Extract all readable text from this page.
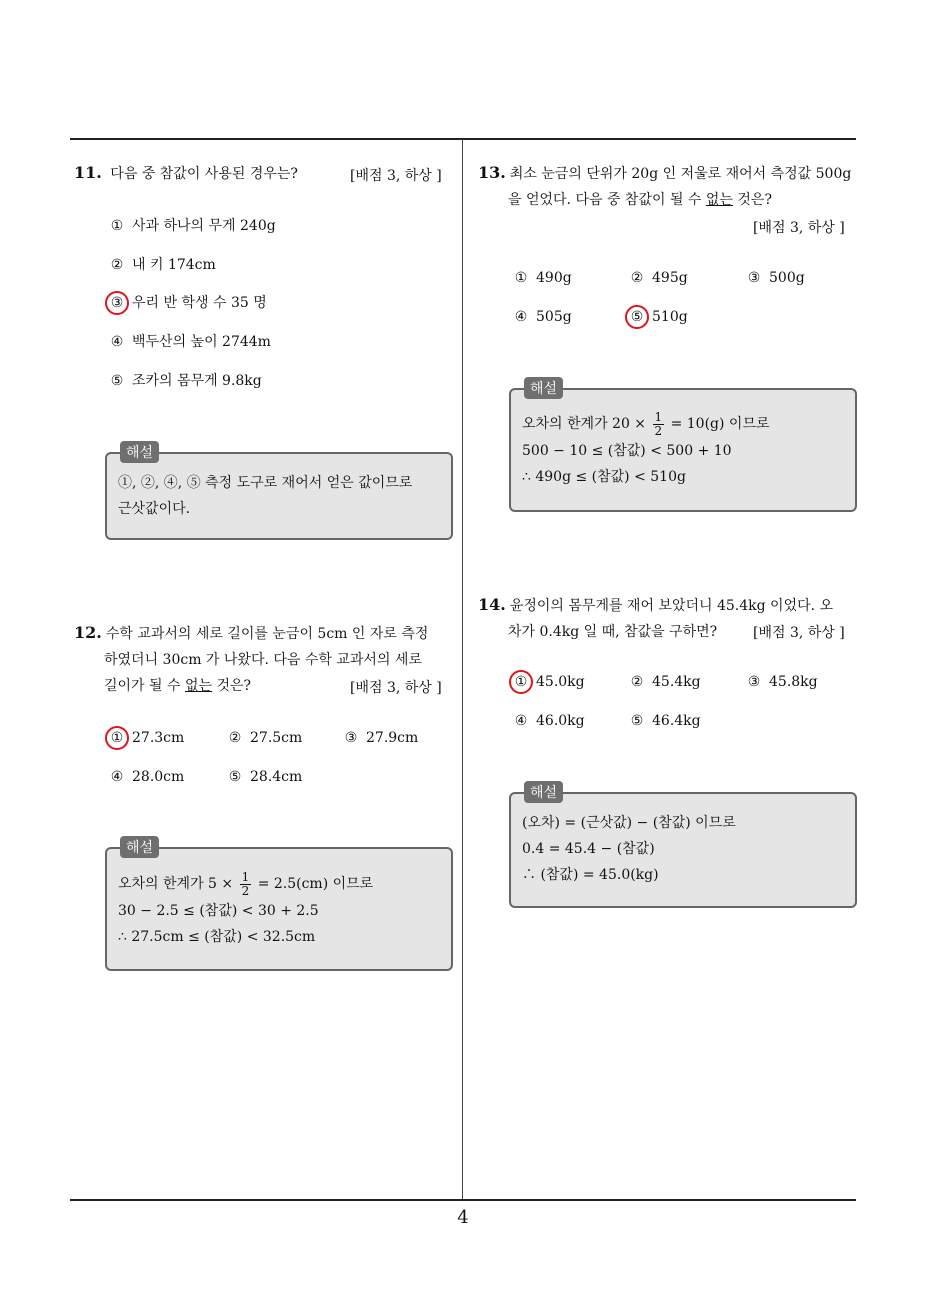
11. 다음 중 참값이 사용된 경우는?	[배점 3, 하상 ]
① 사과 하나의 무게 240g
② 내 키 174cm
③ 우리 반 학생 수 35 명
④ 백두산의 높이 2744m
⑤ 조카의 몸무게 9.8kg
해설
①, ②, ④, ⑤ 측정 도구로 재어서 얻은 값이므로
근삿값이다.
12. 수학 교과서의 세로 길이를 눈금이 5cm 인 자로 측정
하였더니 30cm 가 나왔다. 다음 수학 교과서의 세로
길이가 될 수 없는 것은?	[배점 3, 하상 ]
① 27.3cm	② 27.5cm	③ 27.9cm
④ 28.0cm	⑤ 28.4cm
해설
오차의 한계가 $5 \times \frac{1}{2} = 2.5(cm)$ 이므로
30 − 2.5 ≤ (참값) < 30 + 2.5
∴ 27.5cm ≤ (참값) < 32.5cm
13. 최소 눈금의 단위가 20g 인 저울로 재어서 측정값 500g
을 얻었다. 다음 중 참값이 될 수 없는 것은?
[배점 3, 하상 ]
① 490g	② 495g	③ 500g
④ 505g	⑤ 510g
해설
오차의 한계가 $20 \times \frac{1}{2} = 10(g)$ 이므로
500 − 10 ≤ (참값) < 500 + 10
∴ 490g ≤ (참값) < 510g
14. 윤정이의 몸무게를 재어 보았더니 45.4kg 이었다. 오
차가 0.4kg 일 때, 참값을 구하면?	[배점 3, 하상 ]
① 45.0kg	② 45.4kg	③ 45.8kg
④ 46.0kg	⑤ 46.4kg
해설
(오차) = (근삿값) − (참값) 이므로
0.4 = 45.4 − (참값)
∴ (참값) = 45.0(kg)
4
